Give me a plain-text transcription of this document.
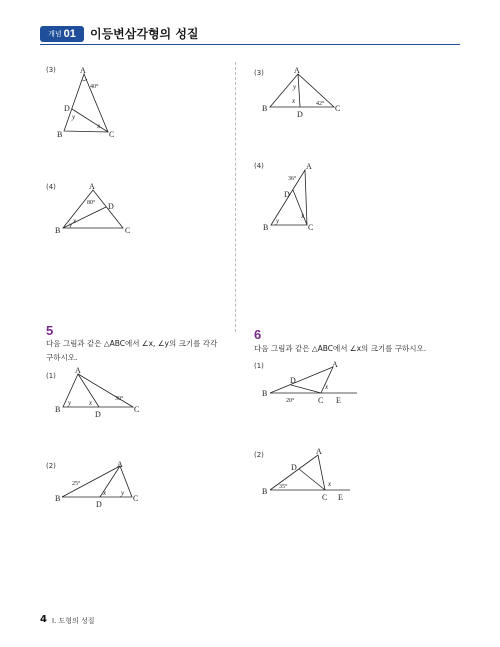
개념 01 이등변삼각형의 성질
(3)	A
D
B	C
40°
y
x
(4)	A
D
B	C
80°
x
y
(3)	A
B
D
C
y
x	42°
(4)	A
D
B	C
36°
y
x
5
다음 그림과 같은 △ABC에서 ∠x, ∠y의 크기를 각각
구하시오.
(1)
A
B
D
C
30°
y	x
(2)	A
B
D
C
25°
x y
6
다음 그림과 같은 △ABC에서 ∠x의 크기를 구하시오.
(1)	A
D
B
C E
20°
x
(2)	A
D
B
C E
35°	x
4 I. 도형의 성질
